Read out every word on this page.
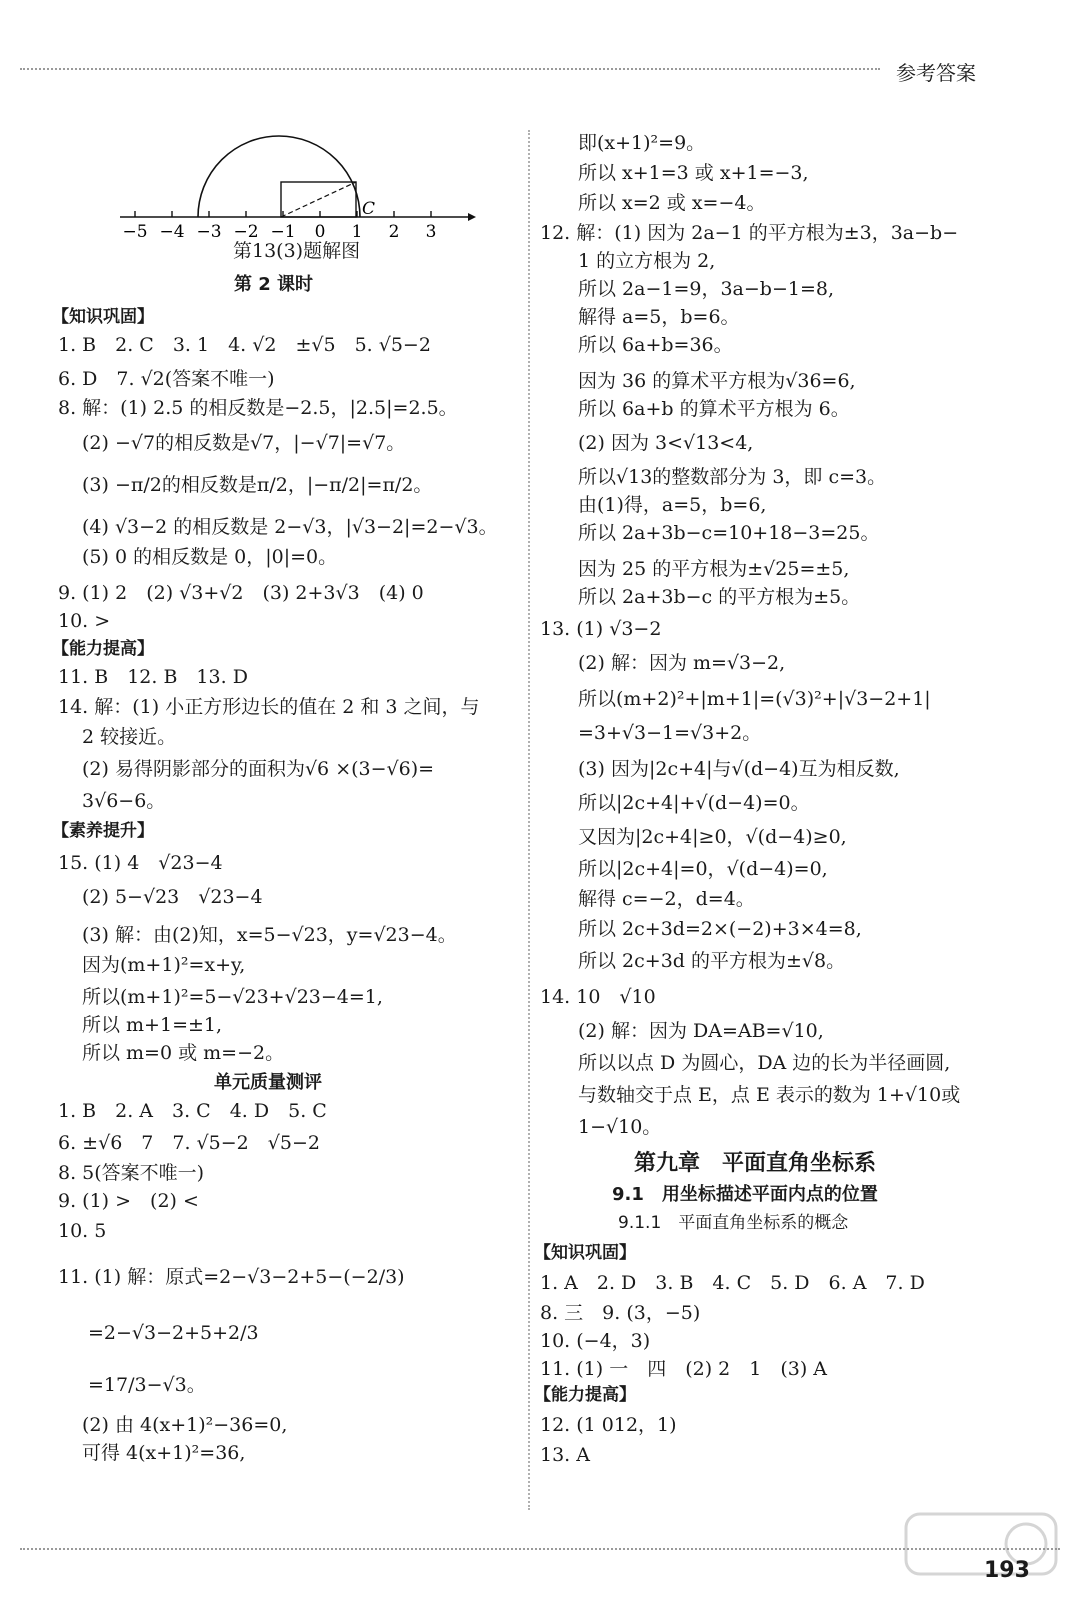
参考答案
−5 −4 −3 −2 −1 0 1 2 3
C
第13(3)题解图
第 2 课时
【知识巩固】
1. B　2. C　3. 1　4. √2　±√5　5. √5−2
6. D　7. √2(答案不唯一)
8. 解：(1) 2.5 的相反数是−2.5，|2.5|=2.5。
(2) −√7的相反数是√7，|−√7|=√7。
(3) −π/2的相反数是π/2，|−π/2|=π/2。
(4) √3−2 的相反数是 2−√3，|√3−2|=2−√3。
(5) 0 的相反数是 0，|0|=0。
9. (1) 2　(2) √3+√2　(3) 2+3√3　(4) 0
10. >
【能力提高】
11. B　12. B　13. D
14. 解：(1) 小正方形边长的值在 2 和 3 之间，与
2 较接近。
(2) 易得阴影部分的面积为√6 ×(3−√6)=
3√6−6。
【素养提升】
15. (1) 4　√23−4
(2) 5−√23　√23−4
(3) 解：由(2)知，x=5−√23，y=√23−4。
因为(m+1)²=x+y,
所以(m+1)²=5−√23+√23−4=1,
所以 m+1=±1,
所以 m=0 或 m=−2。
单元质量测评
1. B　2. A　3. C　4. D　5. C
6. ±√6　7　7. √5−2　√5−2
8. 5(答案不唯一)
9. (1) >　(2) <
10. 5
11. (1) 解：原式=2−√3−2+5−(−2/3)
=2−√3−2+5+2/3
=17/3−√3。
(2) 由 4(x+1)²−36=0,
可得 4(x+1)²=36,
即(x+1)²=9。
所以 x+1=3 或 x+1=−3,
所以 x=2 或 x=−4。
12. 解：(1) 因为 2a−1 的平方根为±3，3a−b−
1 的立方根为 2,
所以 2a−1=9，3a−b−1=8,
解得 a=5，b=6。
所以 6a+b=36。
因为 36 的算术平方根为√36=6,
所以 6a+b 的算术平方根为 6。
(2) 因为 3<√13<4,
所以√13的整数部分为 3，即 c=3。
由(1)得，a=5，b=6,
所以 2a+3b−c=10+18−3=25。
因为 25 的平方根为±√25=±5,
所以 2a+3b−c 的平方根为±5。
13. (1) √3−2
(2) 解：因为 m=√3−2,
所以(m+2)²+|m+1|=(√3)²+|√3−2+1|
=3+√3−1=√3+2。
(3) 因为|2c+4|与√(d−4)互为相反数,
所以|2c+4|+√(d−4)=0。
又因为|2c+4|≥0，√(d−4)≥0,
所以|2c+4|=0，√(d−4)=0,
解得 c=−2，d=4。
所以 2c+3d=2×(−2)+3×4=8,
所以 2c+3d 的平方根为±√8。
14. 10　√10
(2) 解：因为 DA=AB=√10,
所以以点 D 为圆心，DA 边的长为半径画圆,
与数轴交于点 E，点 E 表示的数为 1+√10或
1−√10。
第九章　平面直角坐标系
9.1　用坐标描述平面内点的位置
9.1.1　平面直角坐标系的概念
【知识巩固】
1. A　2. D　3. B　4. C　5. D　6. A　7. D
8. 三　9. (3，−5)
10. (−4，3)
11. (1) 一　四　(2) 2　1　(3) A
【能力提高】
12. (1 012，1)
13. A
193
